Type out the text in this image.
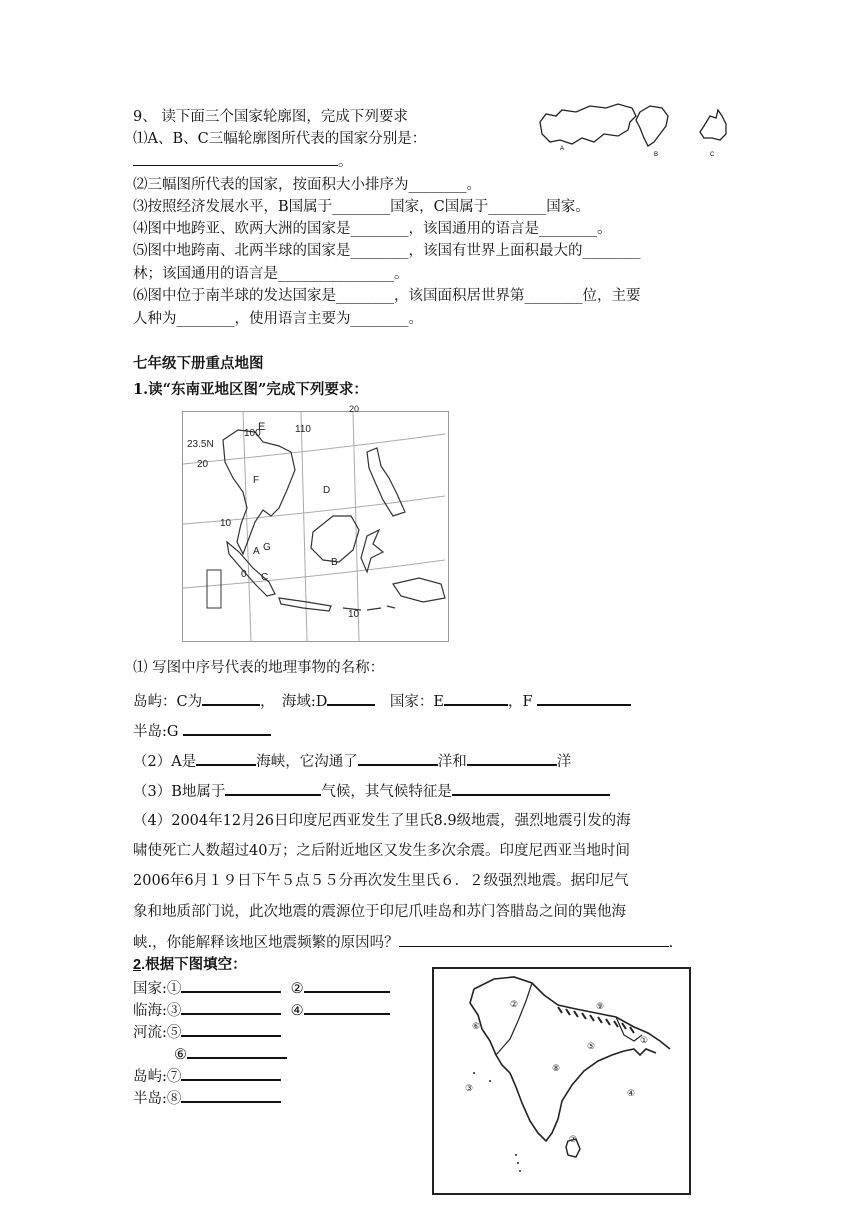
9、 读下面三个国家轮廓图，完成下列要求
⑴A、B、C三幅轮廓图所代表的国家分别是：
。
⑵三幅图所代表的国家，按面积大小排序为________。
⑶按照经济发展水平，B国属于________国家，C国属于________国家。
⑷图中地跨亚、欧两大洲的国家是________，该国通用的语言是________。
⑸图中地跨南、北两半球的国家是________，该国有世界上面积最大的________
林；该国通用的语言是________________。
⑹图中位于南半球的发达国家是________，该国面积居世界第________位，主要
人种为________，使用语言主要为________。
A
B	C
七年级下册重点地图
1.读“东南亚地区图”完成下列要求：
E
20
100	110
23.5N
20
F
D
10
G
A
0 C
B
10
⑴ 写图中序号代表的地理事物的名称：
岛屿：C为	，　海域:D	　国家：E	，F
半岛:G
（2）A是	海峡，它沟通了	洋和	洋
（3）B地属于	气候，其气候特征是
（4）2004年12月26日印度尼西亚发生了里氏8.9级地震，强烈地震引发的海
啸使死亡人数超过40万；之后附近地区又发生多次余震。印度尼西亚当地时间
2006年6月１９日下午５点５５分再次发生里氏６．２级强烈地震。据印尼气
象和地质部门说，此次地震的震源位于印尼爪哇岛和苏门答腊岛之间的巽他海
峡.，你能解释该地区地震频繁的原因吗？	.
2.根据下图填空：
国家:①	②
临海:③	④
河流:⑤
⑥
岛屿:⑦
半岛:⑧
①
②
③	④
⑤
⑥
⑦
⑧
⑨
